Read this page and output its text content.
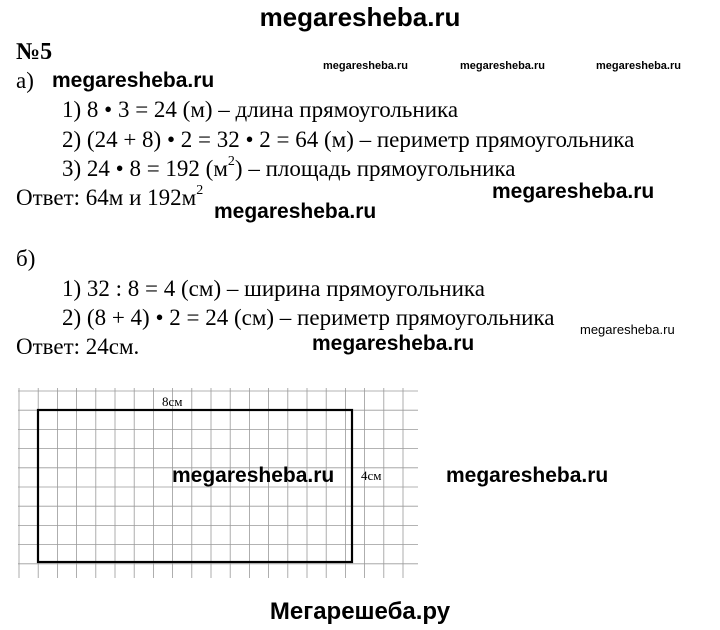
megaresheba.ru
megaresheba.ru	megaresheba.ru	megaresheba.ru
№5
а) megaresheba.ru
1) 8 • 3 = 24 (м) – длина прямоугольника
2) (24 + 8) • 2 = 32 • 2 = 64 (м) – периметр прямоугольника
3) 24 • 8 = 192 $(м^2)$ – площадь прямоугольника
Ответ: 64м и $192м^2$	megaresheba.ru
megaresheba.ru
б)
1) 32 : 8 = 4 (см) – ширина прямоугольника
2) (8 + 4) • 2 = 24 (см) – периметр прямоугольника megaresheba.ru
Ответ: 24см.	megaresheba.ru
8см
4см
megaresheba.ru	megaresheba.ru
Мегарешеба.ру
